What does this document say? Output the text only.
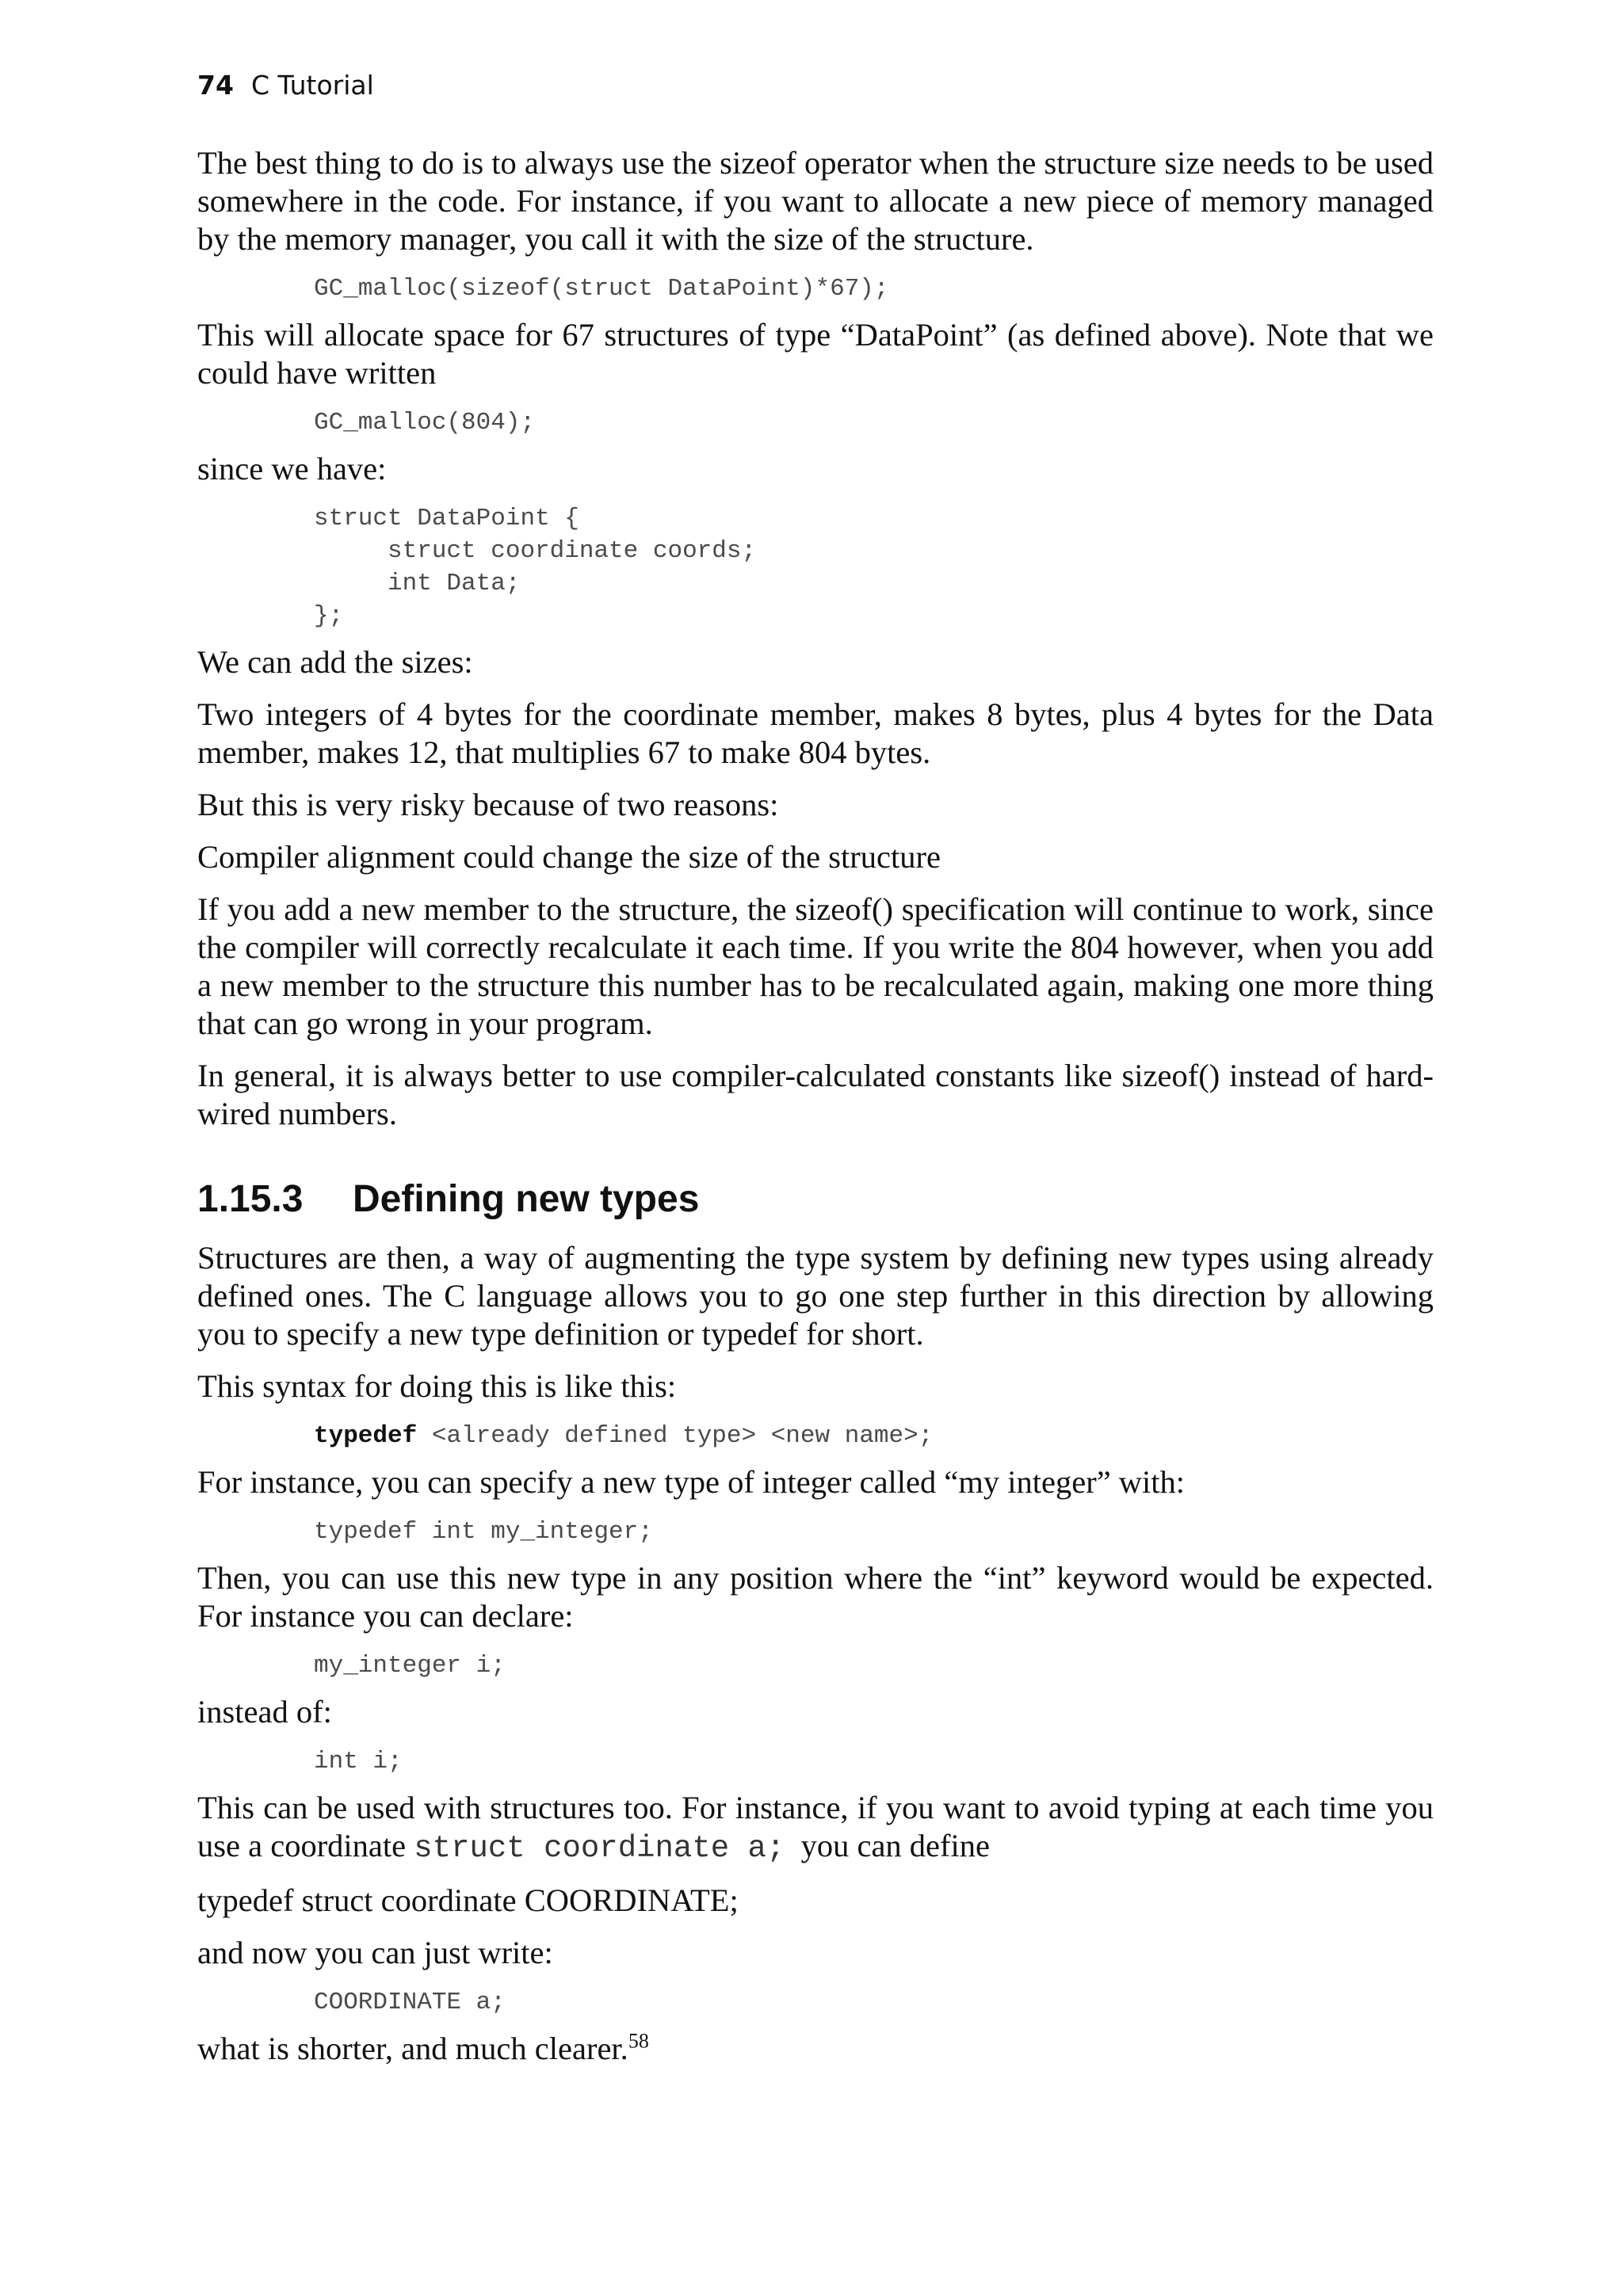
74 C Tutorial

The best thing to do is to always use the sizeof operator when the structure size needs to be used somewhere in the code. For instance, if you want to allocate a new piece of memory managed by the memory manager, you call it with the size of the structure.

GC_malloc(sizeof(struct DataPoint)*67);

This will allocate space for 67 structures of type “DataPoint” (as defined above). Note that we could have written

GC_malloc(804);

since we have:

struct DataPoint {
struct coordinate coords;
int Data;
};

We can add the sizes:

Two integers of 4 bytes for the coordinate member, makes 8 bytes, plus 4 bytes for the Data member, makes 12, that multiplies 67 to make 804 bytes.

But this is very risky because of two reasons:

Compiler alignment could change the size of the structure

If you add a new member to the structure, the sizeof() specification will continue to work, since the compiler will correctly recalculate it each time. If you write the 804 however, when you add a new member to the structure this number has to be recalculated again, making one more thing that can go wrong in your program.

In general, it is always better to use compiler-calculated constants like sizeof() instead of hard-wired numbers.

1.15.3 Defining new types

Structures are then, a way of augmenting the type system by defining new types using already defined ones. The C language allows you to go one step further in this direction by allowing you to specify a new type definition or typedef for short.

This syntax for doing this is like this:

typedef <already defined type> <new name>;

For instance, you can specify a new type of integer called “my integer” with:

typedef int my_integer;

Then, you can use this new type in any position where the “int” keyword would be expected. For instance you can declare:

my_integer i;

instead of:

int i;

This can be used with structures too. For instance, if you want to avoid typing at each time you use a coordinate struct coordinate a;  you can define

typedef struct coordinate COORDINATE;

and now you can just write:

COORDINATE a;

what is shorter, and much clearer.$^{58}$
